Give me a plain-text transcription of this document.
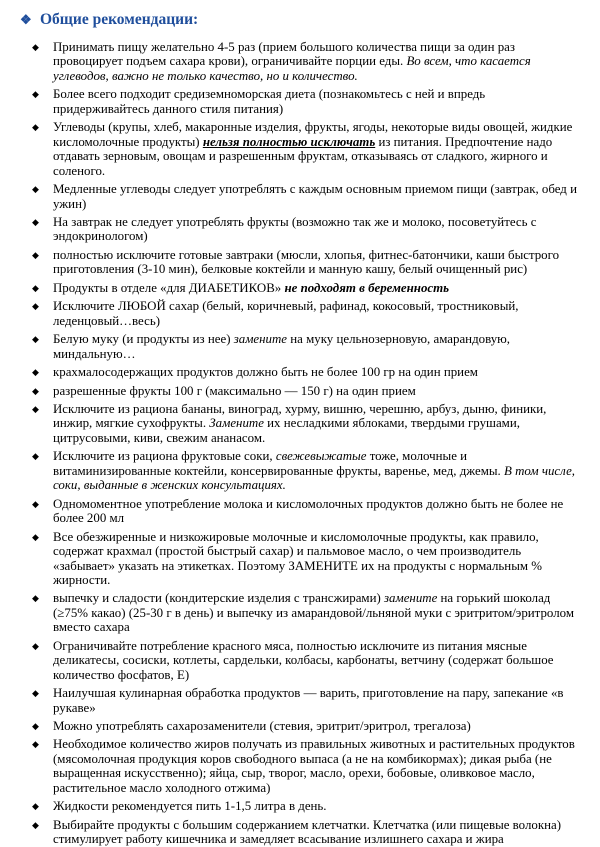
❖ Общие рекомендации:
◆ Принимать пищу желательно 4-5 раз (прием большого количества пищи за один раз провоцирует подъем сахара крови), ограничивайте порции еды. Во всем, что касается углеводов, важно не только качество, но и количество.
◆ Более всего подходит средиземноморская диета (познакомьтесь с ней и впредь придерживайтесь данного стиля питания)
◆ Углеводы (крупы, хлеб, макаронные изделия, фрукты, ягоды, некоторые виды овощей, жидкие кисломолочные продукты) нельзя полностью исключать из питания. Предпочтение надо отдавать зерновым, овощам и разрешенным фруктам, отказываясь от сладкого, жирного и соленого.
◆ Медленные углеводы следует употреблять с каждым основным приемом пищи (завтрак, обед и ужин)
◆ На завтрак не следует употреблять фрукты (возможно так же и молоко, посоветуйтесь с эндокринологом)
◆ полностью исключите готовые завтраки (мюсли, хлопья, фитнес-батончики, каши быстрого приготовления (3-10 мин), белковые коктейли и манную кашу, белый очищенный рис)
◆ Продукты в отделе «для ДИАБЕТИКОВ» не подходят в беременность
◆ Исключите ЛЮБОЙ сахар (белый, коричневый, рафинад, кокосовый, тростниковый, леденцовый…весь)
◆ Белую муку (и продукты из нее) замените на муку цельнозерновую, амарандовую, миндальную…
◆ крахмалосодержащих продуктов должно быть не более 100 гр на один прием
◆ разрешенные фрукты 100 г (максимально — 150 г) на один прием
◆ Исключите из рациона бананы, виноград, хурму, вишню, черешню, арбуз, дыню, финики, инжир, мягкие сухофрукты. Замените их несладкими яблоками, твердыми грушами, цитрусовыми, киви, свежим ананасом.
◆ Исключите из рациона фруктовые соки, свежевыжатые тоже, молочные и витаминизированные коктейли, консервированные фрукты, варенье, мед, джемы. В том числе, соки, выданные в женских консультациях.
◆ Одномоментное употребление молока и кисломолочных продуктов должно быть не более не более 200 мл
◆ Все обезжиренные и низкожировые молочные и кисломолочные продукты, как правило, содержат крахмал (простой быстрый сахар) и пальмовое масло, о чем производитель «забывает» указать на этикетках. Поэтому ЗАМЕНИТЕ их на продукты с нормальным % жирности.
◆ выпечку и сладости (кондитерские изделия с трансжирами) замените на горький шоколад (≥75% какао) (25-30 г в день) и выпечку из амарандовой/льняной муки с эритритом/эритролом вместо сахара
◆ Ограничивайте потребление красного мяса, полностью исключите из питания мясные деликатесы, сосиски, котлеты, сардельки, колбасы, карбонаты, ветчину (содержат большое количество фосфатов, Е)
◆ Наилучшая кулинарная обработка продуктов — варить, приготовление на пару, запекание «в рукаве»
◆ Можно употреблять сахарозаменители (стевия, эритрит/эритрол, трегалоза)
◆ Необходимое количество жиров получать из правильных животных и растительных продуктов (мясомолочная продукция коров свободного выпаса (а не на комбикормах); дикая рыба (не выращенная искусственно); яйца, сыр, творог, масло, орехи, бобовые, оливковое масло, растительное масло холодного отжима)
◆ Жидкости рекомендуется пить 1-1,5 литра в день.
◆ Выбирайте продукты с большим содержанием клетчатки. Клетчатка (или пищевые волокна) стимулирует работу кишечника и замедляет всасывание излишнего сахара и жира
